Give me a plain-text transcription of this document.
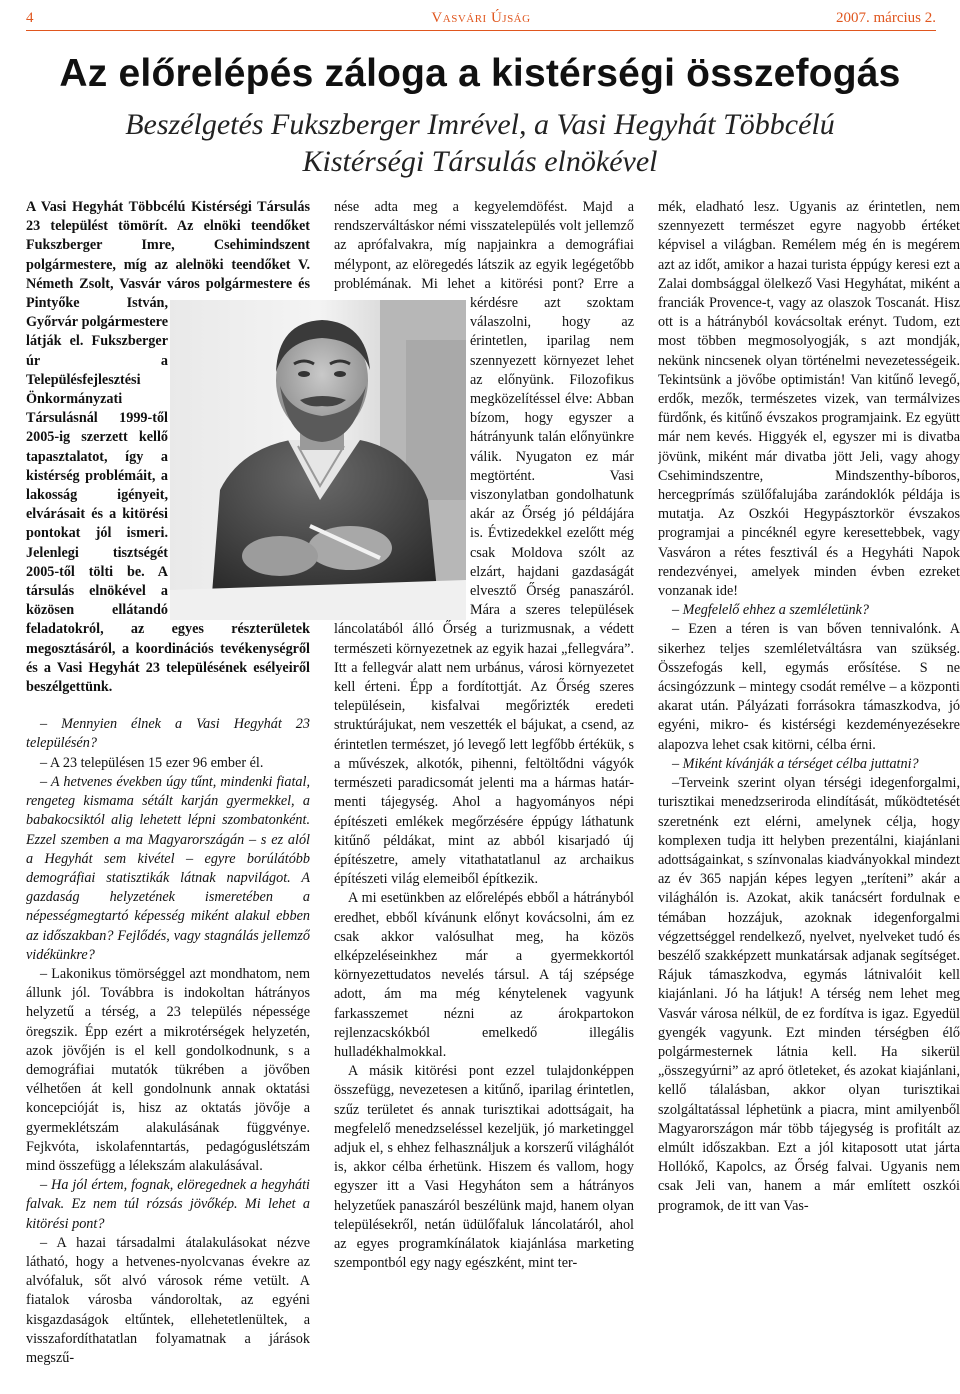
4	Vasvári Újság	2007. március 2.
Az előrelépés záloga a kistérségi összefogás
Beszélgetés Fukszberger Imrével, a Vasi Hegyhát Többcélú
Kistérségi Társulás elnökével

A Vasi Hegyhát Többcélú Kistérségi Társulás 23 települést tömörít. Az elnöki teendőket Fukszberger Imre, Csehimindszent polgármestere, míg az alelnöki teendőket V. Németh Zsolt, Vasvár város polgármestere és Pintyőke István, Győrvár polgármestere látják el. Fukszberger úr a Településfejlesztési Önkormányzati Társulásnál 1999-től 2005-ig szerzett kellő tapasztalatot, így a kistérség problémáit, a lakosság igényeit, elvárásait és a kitörési pontokat jól ismeri. Jelenlegi tisztségét 2005-től tölti be. A társulás elnökével a közösen ellátandó feladatokról, az egyes részterületek megosztásáról, a koordinációs tevékenységről és a Vasi Hegyhát 23 településének esélyeiről beszélgettünk.

– Mennyien élnek a Vasi Hegyhát 23 településén?

– A 23 településen 15 ezer 96 ember él.

– A hetvenes években úgy tűnt, mindenki fiatal, rengeteg kismama sétált karján gyermekkel, a babakocsiktól alig lehetett lépni szombatonként. Ezzel szemben a ma Magyarországán – s ez alól a Hegyhát sem kivétel – egyre borúlátóbb demográfiai statisztikák látnak napvilágot. A gazdaság helyzetének ismeretében a népességmegtartó képesség miként alakul ebben az időszakban? Fejlődés, vagy stagnálás jellemző vidékünkre?

– Lakonikus tömörséggel azt mondhatom, nem állunk jól. Továbbra is indokoltan hátrányos helyzetű a térség, a 23 település népessége öregszik. Épp ezért a mikrotérségek helyzetén, azok jövőjén is el kell gondolkodnunk, s a demográfiai mutatók tükrében a jövőben vélhetően át kell gondolnunk annak oktatási koncepcióját is, hisz az oktatás jövője a gyermeklétszám alakulásának függvénye. Fejkvóta, iskolafenntartás, pedagóguslétszám mind összefügg a lélekszám alakulásával.

– Ha jól értem, fognak, elöregednek a hegyháti falvak. Ez nem túl rózsás jövőkép. Mi lehet a kitörési pont?

– A hazai társadalmi átalakulásokat nézve látható, hogy a hetvenes-nyolcvanas évekre az alvófaluk, sőt alvó városok réme vetült. A fiatalok városba vándoroltak, az egyéni kisgazdaságok eltűntek, ellehetetlenültek, a visszafordíthatatlan folyamatnak a járások megszű-

nése adta meg a kegyelemdöfést. Majd a rendszerváltáskor némi visszatelepülés volt jellemző az aprófalvakra, míg napjainkra a demográfiai mélypont, az elöregedés látszik az egyik legégetőbb problémának. Mi lehet a kitörési pont? Erre a kérdésre azt szoktam válaszolni, hogy az érintetlen, iparilag nem szennyezett környezet lehet az előnyünk. Filozofikus megközelítéssel élve: Abban bízom, hogy egyszer a hátrányunk talán előnyünkre válik. Nyugaton ez már megtörtént. Vasi viszonylatban gondolhatunk akár az Őrség jó példájára is. Évtizedekkel ezelőtt még csak Moldova szólt az elzárt, hajdani gazdaságát elvesztő Őrség panaszáról. Mára a szeres települések láncolatából álló Őrség a turizmusnak, a védett természeti környezetnek az egyik hazai „fellegvára”. Itt a fellegvár alatt nem urbánus, városi környezetet kell érteni. Épp a fordítottját. Az Őrség szeres településein, kisfalvai megőrizték eredeti struktúrájukat, nem veszették el bájukat, a csend, az érintetlen természet, jó levegő lett legfőbb értékük, s a művészek, alkotók, pihenni, feltöltődni vágyók természeti paradicsomát jelenti ma a hármas határ-menti tájegység. Ahol a hagyományos népi építészeti emlékek megőrzésére éppúgy láthatunk kitűnő példákat, mint az abból kisarjadó új építészetre, amely vitathatatlanul az archaikus építészeti világ elemeiből építkezik.

A mi esetünkben az előrelépés ebből a hátrányból eredhet, ebből kívánunk előnyt kovácsolni, ám ez csak akkor valósulhat meg, ha közös elképzeléseinkhez már a gyermekkortól környezettudatos nevelés társul. A táj szépsége adott, ám ma még kénytelenek vagyunk farkasszemet nézni az árokpartokon rejlenzacskókból emelkedő illegális hulladékhalmokkal.

A másik kitörési pont ezzel tulajdonképpen összefügg, nevezetesen a kitűnő, iparilag érintetlen, szűz területet és annak turisztikai adottságait, ha megfelelő menedzseléssel kezeljük, jó marketinggel adjuk el, s ehhez felhasználjuk a korszerű világhálót is, akkor célba érhetünk. Hiszem és vallom, hogy egyszer itt a Vasi Hegyháton sem a hátrányos helyzetűek panaszáról beszélünk majd, hanem olyan településekről, netán üdülőfaluk láncolatáról, ahol az egyes programkínálatok kiajánlása marketing szempontból egy nagy egészként, mint ter-

mék, eladható lesz. Ugyanis az érintetlen, nem szennyezett természet egyre nagyobb értéket képvisel a világban. Remélem még én is megérem azt az időt, amikor a hazai turista éppúgy keresi ezt a Zalai dombsággal ölelkező Vasi Hegyhátat, miként a franciák Provence-t, vagy az olaszok Toscanát. Hisz ott is a hátrányból kovácsoltak erényt. Tudom, ezt most többen megmosolyogják, s azt mondják, nekünk nincsenek olyan történelmi nevezetességeik. Tekintsünk a jövőbe optimistán! Van kitűnő levegő, erdők, mezők, természetes vizek, van termálvizes fürdőnk, és kitűnő évszakos programjaink. Ez együtt már nem kevés. Higgyék el, egyszer mi is divatba jövünk, miként már divatba jött Jeli, vagy ahogy Csehimindszentre, Mindszenthy-bíboros, hercegprímás szülőfalujába zarándoklók példája is mutatja. Az Oszkói Hegypásztorkör évszakos programjai a pincéknél egyre keresettebbek, vagy Vasváron a rétes fesztivál és a Hegyháti Napok rendezvényei, amelyek minden évben ezreket vonzanak ide!

– Megfelelő ehhez a szemléletünk?

– Ezen a téren is van bőven tennivalónk. A sikerhez teljes szemléletváltásra van szükség. Összefogás kell, egymás erősítése. S ne ácsingózzunk – mintegy csodát remélve – a központi akarat után. Pályázati forrásokra támaszkodva, jó egyéni, mikro- és kistérségi kezdeményezésekre alapozva lehet csak kitörni, célba érni.

– Miként kívánják a térséget célba juttatni?

–Terveink szerint olyan térségi idegenforgalmi, turisztikai menedzseriroda elindítását, működtetését szeretnénk ezt elérni, amelynek célja, hogy komplexen tudja itt helyben prezentálni, kiajánlani adottságainkat, s színvonalas kiadványokkal mindezt az év 365 napján képes legyen „teríteni” akár a világhálón is. Azokat, akik tanácsért fordulnak e témában hozzájuk, azoknak idegenforgalmi végzettséggel rendelkező, nyelvet, nyelveket tudó és beszélő szakképzett munkatársak adjanak segítséget. Rájuk támaszkodva, egymás látnivalóit kell kiajánlani. Jó ha látjuk! A térség nem lehet meg Vasvár városa nélkül, de ez fordítva is igaz. Egyedül gyengék vagyunk. Ezt minden térségben élő polgármesternek látnia kell. Ha sikerül „összegyúrni” az apró ötleteket, és azokat kiajánlani, kellő tálalásban, akkor olyan turisztikai szolgáltatással léphetünk a piacra, mint amilyenből Magyarországon már több tájegység is profitált az elmúlt időszakban. Ezt a jól kitaposott utat járta Hollókő, Kapolcs, az Őrség falvai. Ugyanis nem csak Jeli van, hanem a már említett oszkói programok, de itt van Vas-
